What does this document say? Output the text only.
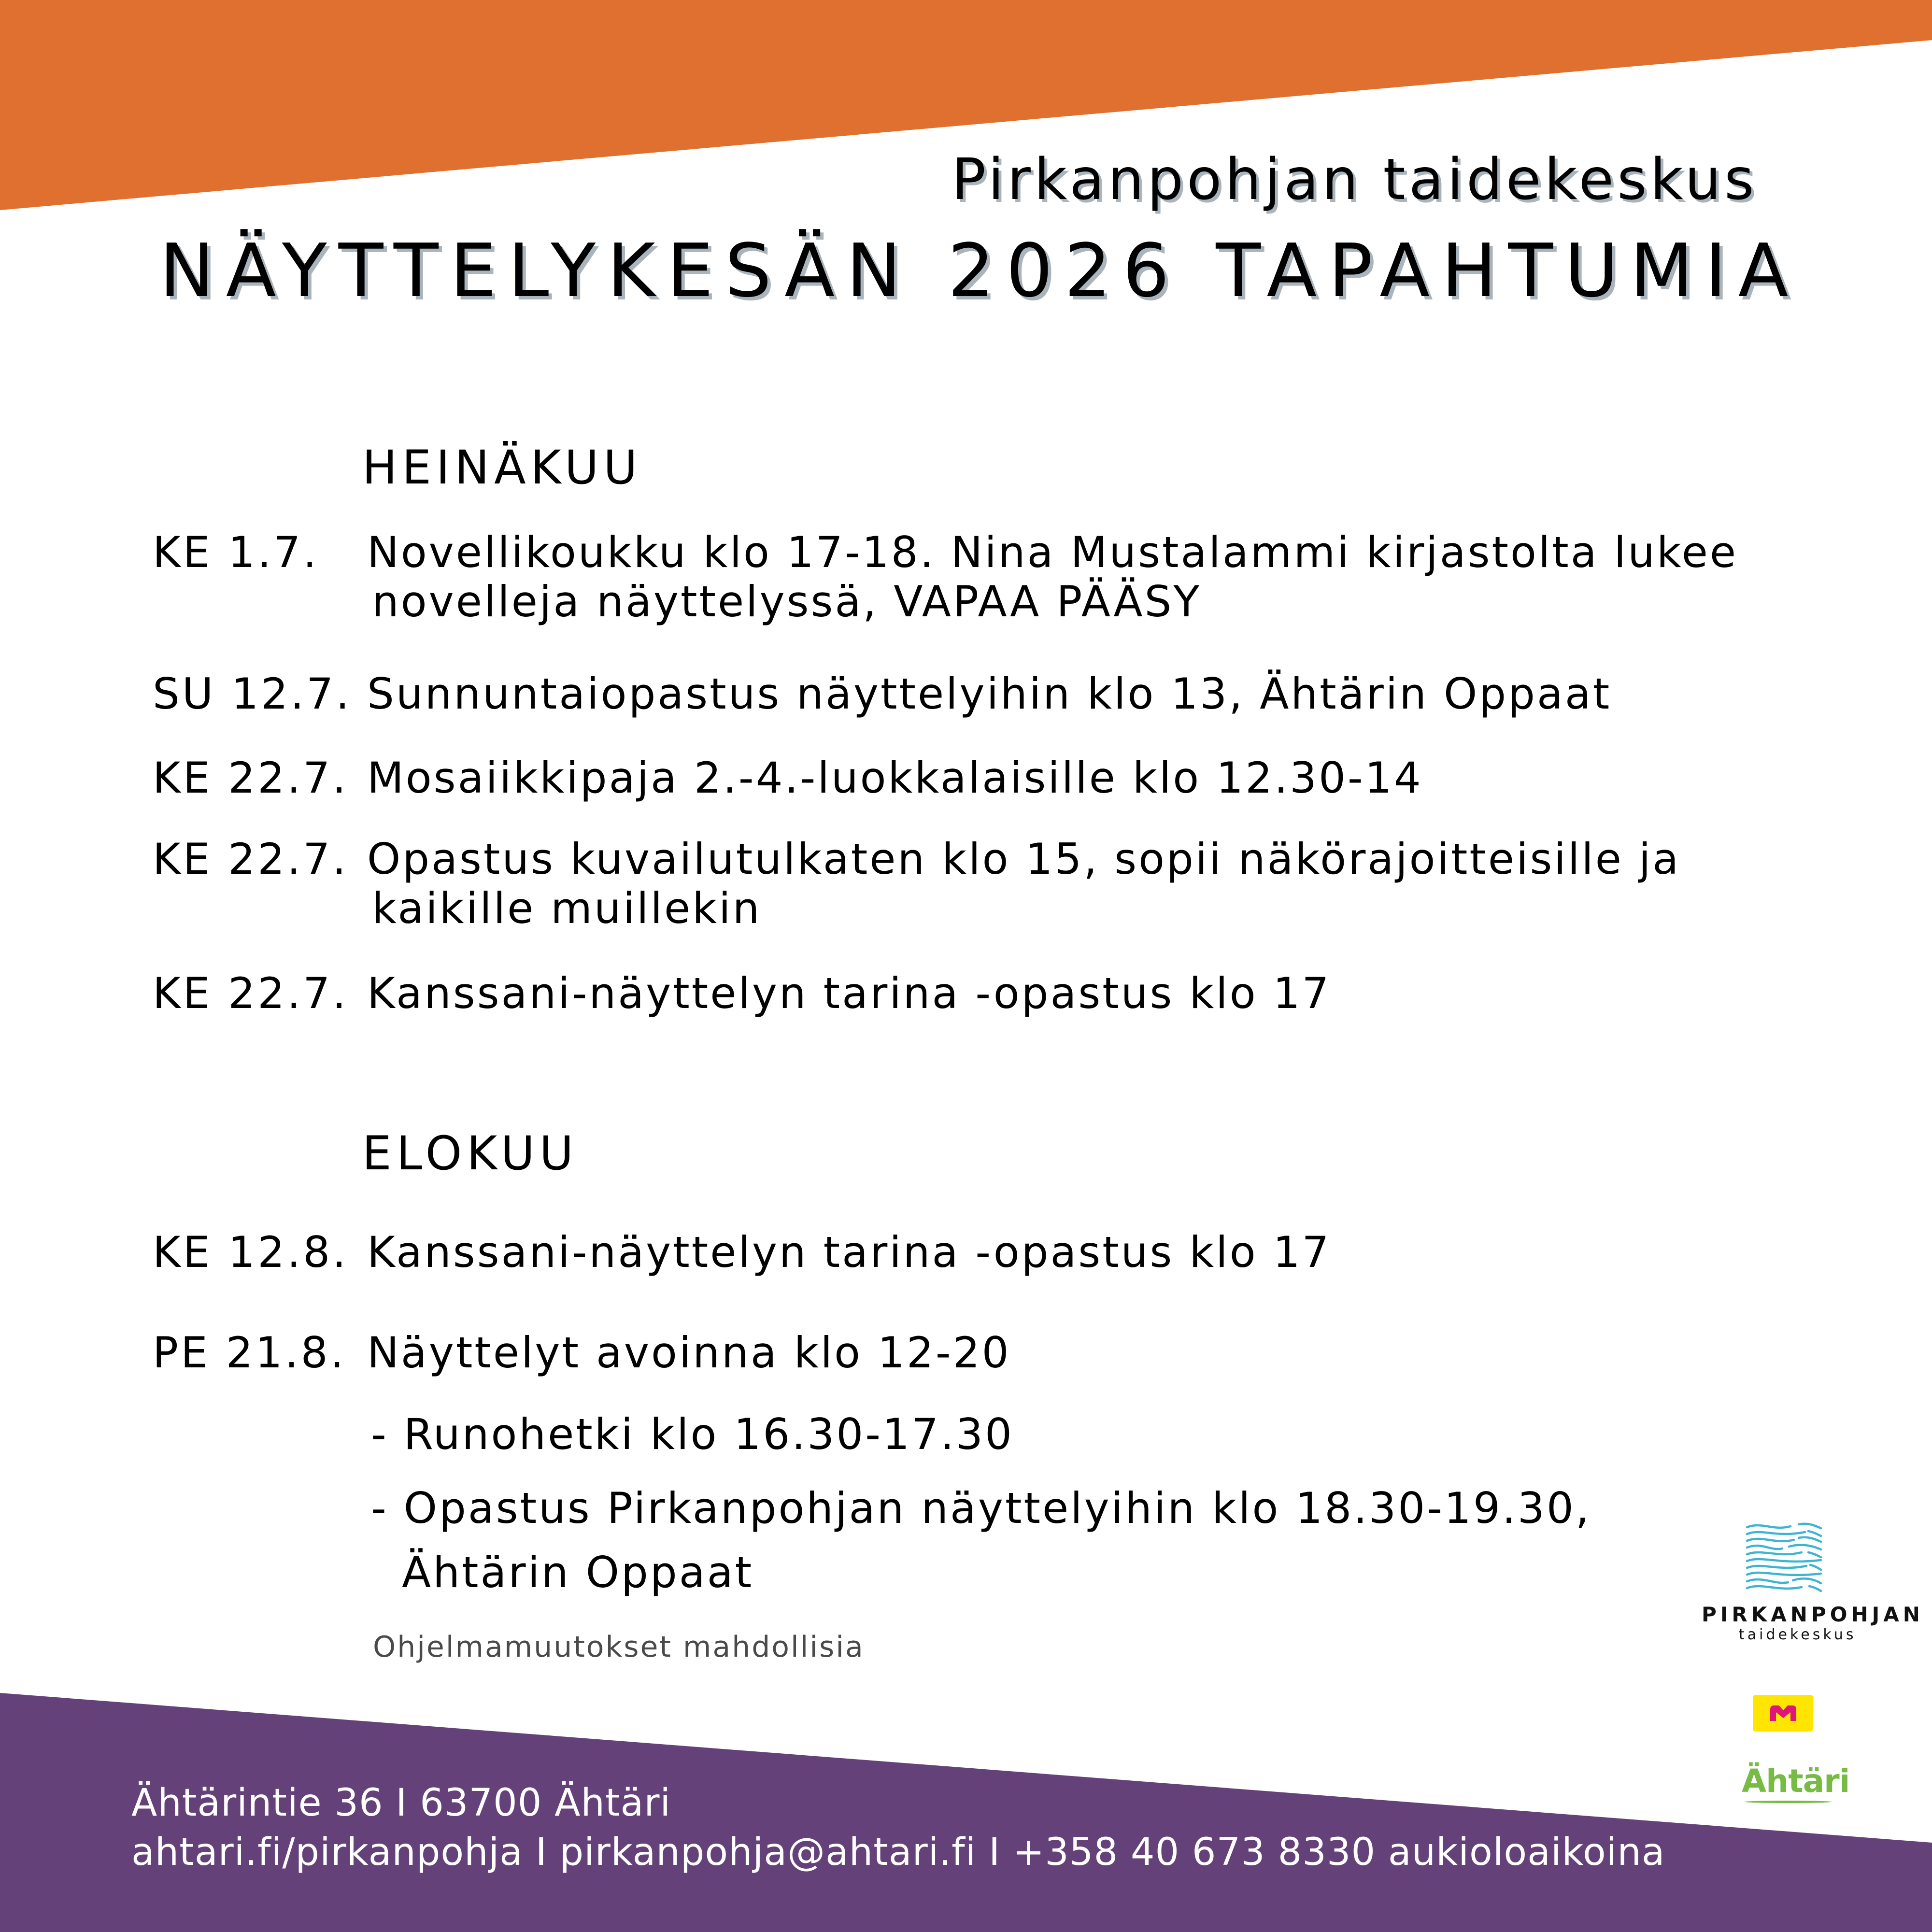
Pirkanpohjan taidekeskus
NÄYTTELYKESÄN 2026 TAPAHTUMIA
HEINÄKUU
KE 1.7. Novellikoukku klo 17-18. Nina Mustalammi kirjastolta lukee
novelleja näyttelyssä, VAPAA PÄÄSY
SU 12.7. Sunnuntaiopastus näyttelyihin klo 13, Ähtärin Oppaat
KE 22.7. Mosaiikkipaja 2.-4.-luokkalaisille klo 12.30-14
KE 22.7. Opastus kuvailutulkaten klo 15, sopii näkörajoitteisille ja
kaikille muillekin
KE 22.7. Kanssani-näyttelyn tarina -opastus klo 17
ELOKUU
KE 12.8. Kanssani-näyttelyn tarina -opastus klo 17
PE 21.8. Näyttelyt avoinna klo 12-20
- Runohetki klo 16.30-17.30
- Opastus Pirkanpohjan näyttelyihin klo 18.30-19.30,
Ähtärin Oppaat
Ohjelmamuutokset mahdollisia
Ähtärintie 36 I 63700 Ähtäri
ahtari.fi/pirkanpohja I pirkanpohja@ahtari.fi I +358 40 673 8330 aukioloaikoina
PIRKANPOHJAN
taidekeskus
Ähtäri
